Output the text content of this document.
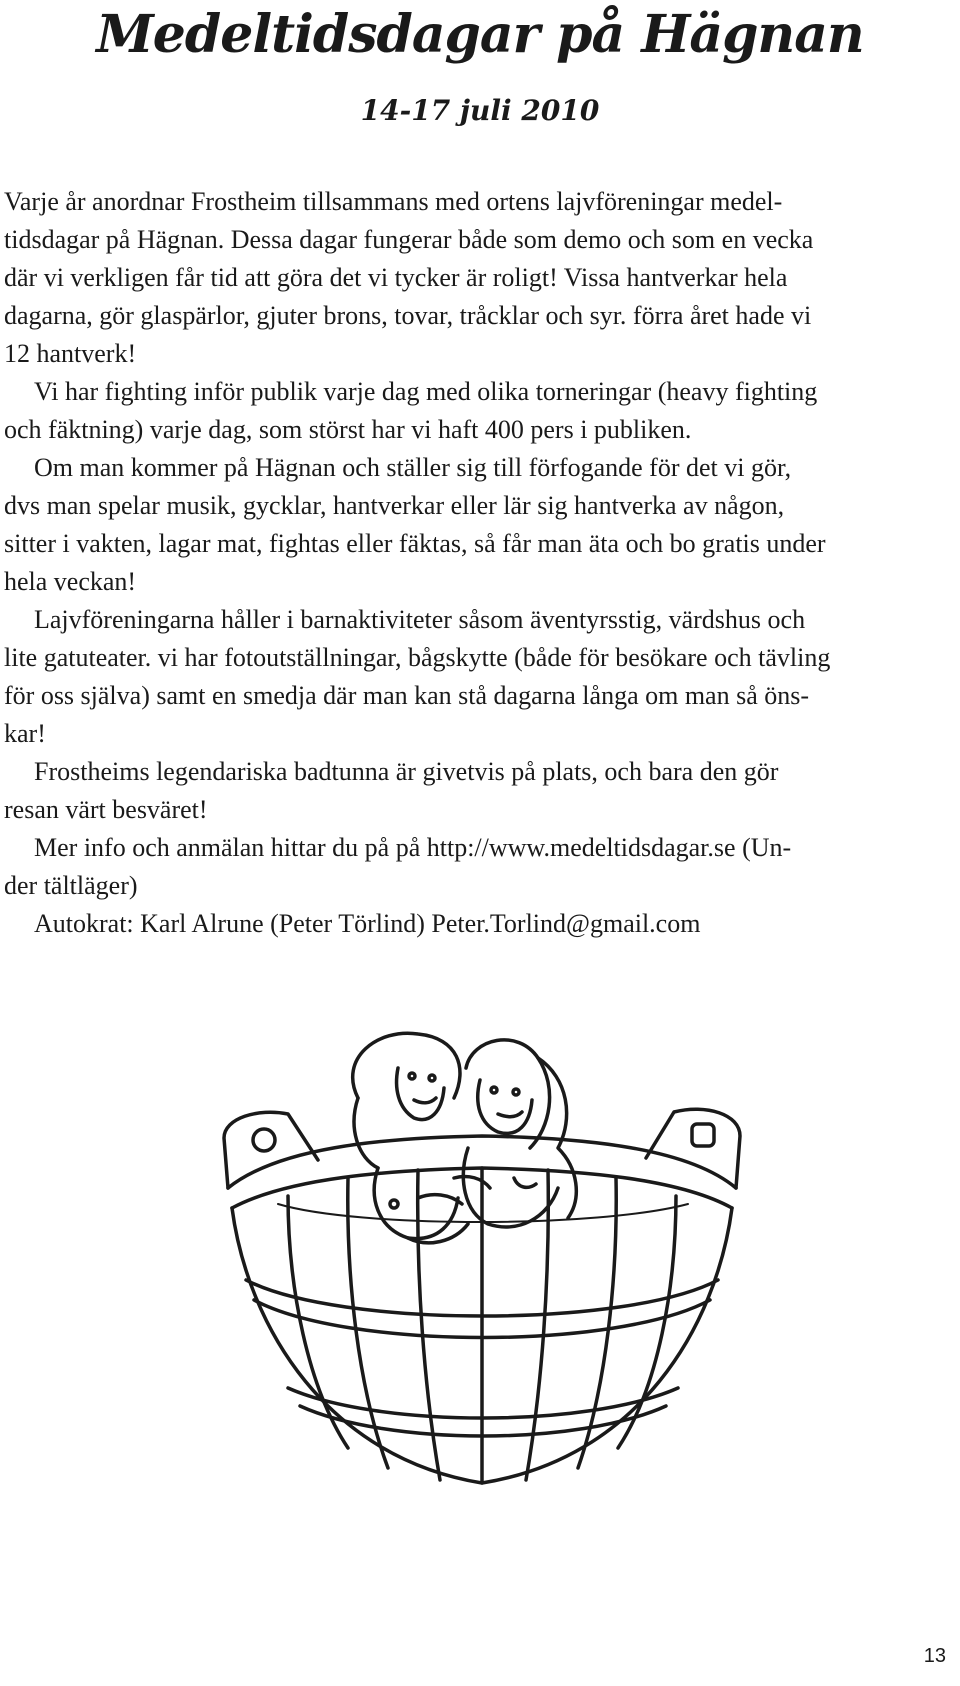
Medeltidsdagar på Hägnan
14-17 juli 2010

Varje år anordnar Frostheim tillsammans med ortens lajvföreningar medel-
tidsdagar på Hägnan. Dessa dagar fungerar både som demo och som en vecka
där vi verkligen får tid att göra det vi tycker är roligt! Vissa hantverkar hela
dagarna, gör glaspärlor, gjuter brons, tovar, tråcklar och syr. förra året hade vi
12 hantverk!

Vi har fighting inför publik varje dag med olika torneringar (heavy fighting
och fäktning) varje dag, som störst har vi haft 400 pers i publiken.

Om man kommer på Hägnan och ställer sig till förfogande för det vi gör,
dvs man spelar musik, gycklar, hantverkar eller lär sig hantverka av någon,
sitter i vakten, lagar mat, fightas eller fäktas, så får man äta och bo gratis under
hela veckan!

Lajvföreningarna håller i barnaktiviteter såsom äventyrsstig, värdshus och
lite gatuteater. vi har fotoutställningar, bågskytte (både för besökare och tävling
för oss själva) samt en smedja där man kan stå dagarna långa om man så öns-
kar!

Frostheims legendariska badtunna är givetvis på plats, och bara den gör
resan värt besväret!

Mer info och anmälan hittar du på på http://www.medeltidsdagar.se (Un-
der tältläger)

Autokrat: Karl Alrune (Peter Törlind) Peter.Torlind@gmail.com

13
